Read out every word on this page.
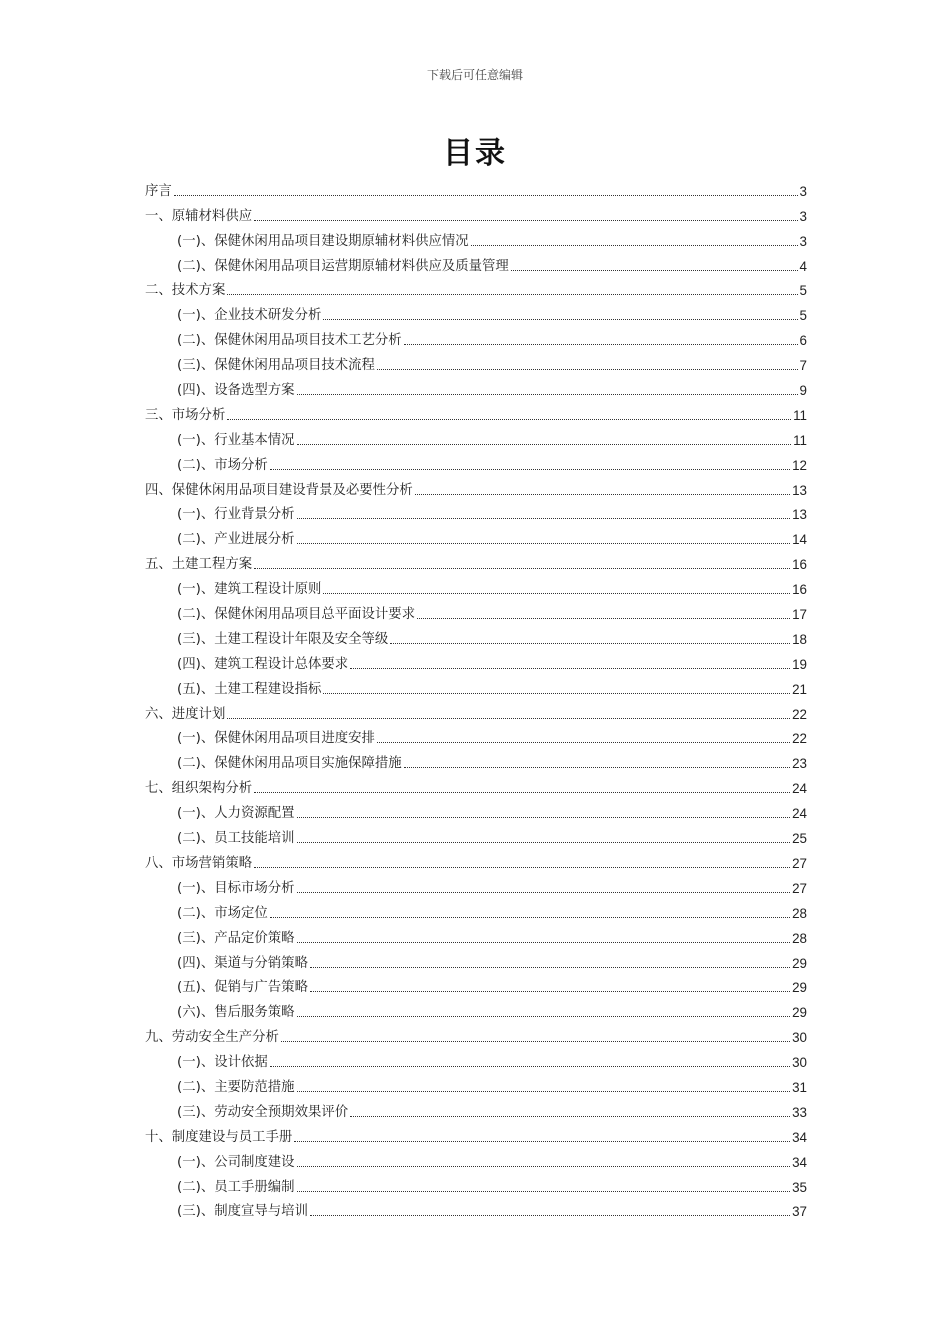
下载后可任意编辑
目录
序言	3
一、原辅材料供应	3
(一)、保健休闲用品项目建设期原辅材料供应情况	3
(二)、保健休闲用品项目运营期原辅材料供应及质量管理	4
二、技术方案	5
(一)、企业技术研发分析	5
(二)、保健休闲用品项目技术工艺分析	6
(三)、保健休闲用品项目技术流程	7
(四)、设备选型方案	9
三、市场分析	11
(一)、行业基本情况	11
(二)、市场分析	12
四、保健休闲用品项目建设背景及必要性分析	13
(一)、行业背景分析	13
(二)、产业进展分析	14
五、土建工程方案	16
(一)、建筑工程设计原则	16
(二)、保健休闲用品项目总平面设计要求	17
(三)、土建工程设计年限及安全等级	18
(四)、建筑工程设计总体要求	19
(五)、土建工程建设指标	21
六、进度计划	22
(一)、保健休闲用品项目进度安排	22
(二)、保健休闲用品项目实施保障措施	23
七、组织架构分析	24
(一)、人力资源配置	24
(二)、员工技能培训	25
八、市场营销策略	27
(一)、目标市场分析	27
(二)、市场定位	28
(三)、产品定价策略	28
(四)、渠道与分销策略	29
(五)、促销与广告策略	29
(六)、售后服务策略	29
九、劳动安全生产分析	30
(一)、设计依据	30
(二)、主要防范措施	31
(三)、劳动安全预期效果评价	33
十、制度建设与员工手册	34
(一)、公司制度建设	34
(二)、员工手册编制	35
(三)、制度宣导与培训	37
